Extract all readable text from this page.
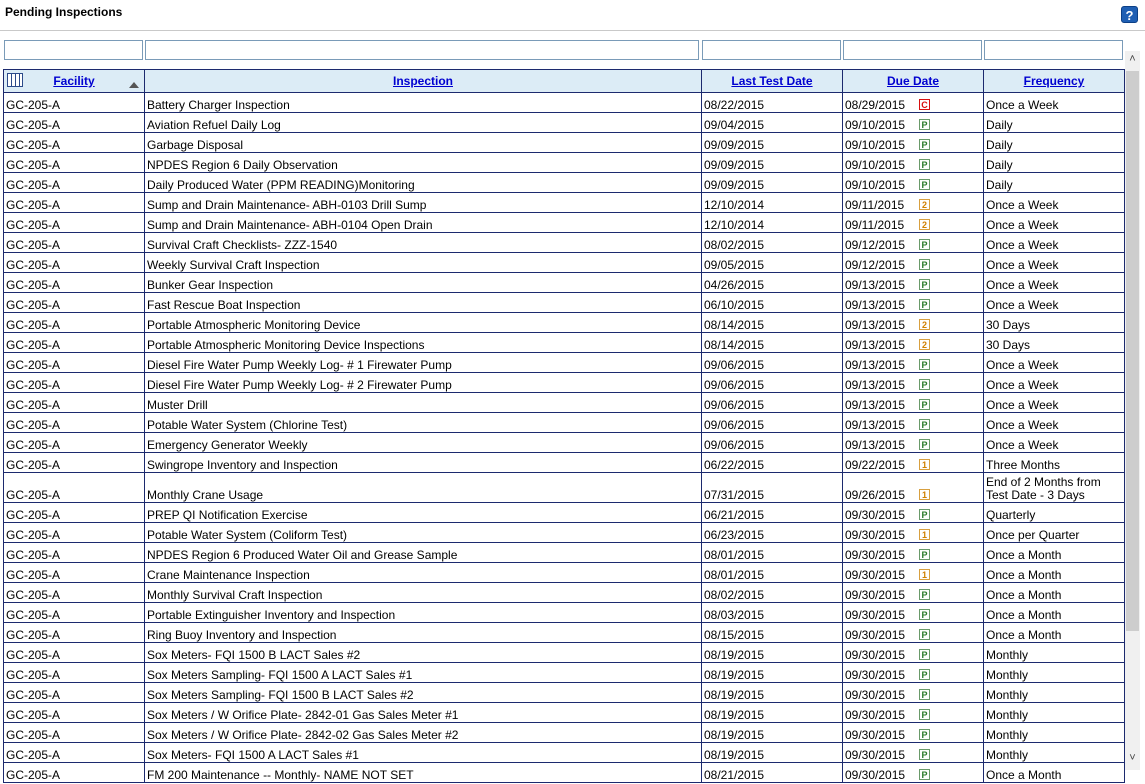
Pending Inspections	?
Facility	Inspection	Last Test Date	Due Date	Frequency
GC-205-A	Battery Charger Inspection	08/22/2015	08/29/2015 C	Once a Week
GC-205-A	Aviation Refuel Daily Log	09/04/2015	09/10/2015 P	Daily
GC-205-A	Garbage Disposal	09/09/2015	09/10/2015 P	Daily
GC-205-A	NPDES Region 6 Daily Observation	09/09/2015	09/10/2015 P	Daily
GC-205-A	Daily Produced Water (PPM READING)Monitoring	09/09/2015	09/10/2015 P	Daily
GC-205-A	Sump and Drain Maintenance- ABH-0103 Drill Sump	12/10/2014	09/11/2015 2	Once a Week
GC-205-A	Sump and Drain Maintenance- ABH-0104 Open Drain	12/10/2014	09/11/2015 2	Once a Week
GC-205-A	Survival Craft Checklists- ZZZ-1540	08/02/2015	09/12/2015 P	Once a Week
GC-205-A	Weekly Survival Craft Inspection	09/05/2015	09/12/2015 P	Once a Week
GC-205-A	Bunker Gear Inspection	04/26/2015	09/13/2015 P	Once a Week
GC-205-A	Fast Rescue Boat Inspection	06/10/2015	09/13/2015 P	Once a Week
GC-205-A	Portable Atmospheric Monitoring Device	08/14/2015	09/13/2015 2	30 Days
GC-205-A	Portable Atmospheric Monitoring Device Inspections	08/14/2015	09/13/2015 2	30 Days
GC-205-A	Diesel Fire Water Pump Weekly Log- # 1 Firewater Pump	09/06/2015	09/13/2015 P	Once a Week
GC-205-A	Diesel Fire Water Pump Weekly Log- # 2 Firewater Pump	09/06/2015	09/13/2015 P	Once a Week
GC-205-A	Muster Drill	09/06/2015	09/13/2015 P	Once a Week
GC-205-A	Potable Water System (Chlorine Test)	09/06/2015	09/13/2015 P	Once a Week
GC-205-A	Emergency Generator Weekly	09/06/2015	09/13/2015 P	Once a Week
GC-205-A	Swingrope Inventory and Inspection	06/22/2015	09/22/2015 1	Three Months
GC-205-A	Monthly Crane Usage	07/31/2015	09/26/2015 1	End of 2 Months from Test Date - 3 Days
GC-205-A	PREP QI Notification Exercise	06/21/2015	09/30/2015 P	Quarterly
GC-205-A	Potable Water System (Coliform Test)	06/23/2015	09/30/2015 1	Once per Quarter
GC-205-A	NPDES Region 6 Produced Water Oil and Grease Sample	08/01/2015	09/30/2015 P	Once a Month
GC-205-A	Crane Maintenance Inspection	08/01/2015	09/30/2015 1	Once a Month
GC-205-A	Monthly Survival Craft Inspection	08/02/2015	09/30/2015 P	Once a Month
GC-205-A	Portable Extinguisher Inventory and Inspection	08/03/2015	09/30/2015 P	Once a Month
GC-205-A	Ring Buoy Inventory and Inspection	08/15/2015	09/30/2015 P	Once a Month
GC-205-A	Sox Meters- FQI 1500 B LACT Sales #2	08/19/2015	09/30/2015 P	Monthly
GC-205-A	Sox Meters Sampling- FQI 1500 A LACT Sales #1	08/19/2015	09/30/2015 P	Monthly
GC-205-A	Sox Meters Sampling- FQI 1500 B LACT Sales #2	08/19/2015	09/30/2015 P	Monthly
GC-205-A	Sox Meters / W Orifice Plate- 2842-01 Gas Sales Meter #1	08/19/2015	09/30/2015 P	Monthly
GC-205-A	Sox Meters / W Orifice Plate- 2842-02 Gas Sales Meter #2	08/19/2015	09/30/2015 P	Monthly
GC-205-A	Sox Meters- FQI 1500 A LACT Sales #1	08/19/2015	09/30/2015 P	Monthly
GC-205-A	FM 200 Maintenance -- Monthly- NAME NOT SET	08/21/2015	09/30/2015 P	Once a Month
˄
˅
